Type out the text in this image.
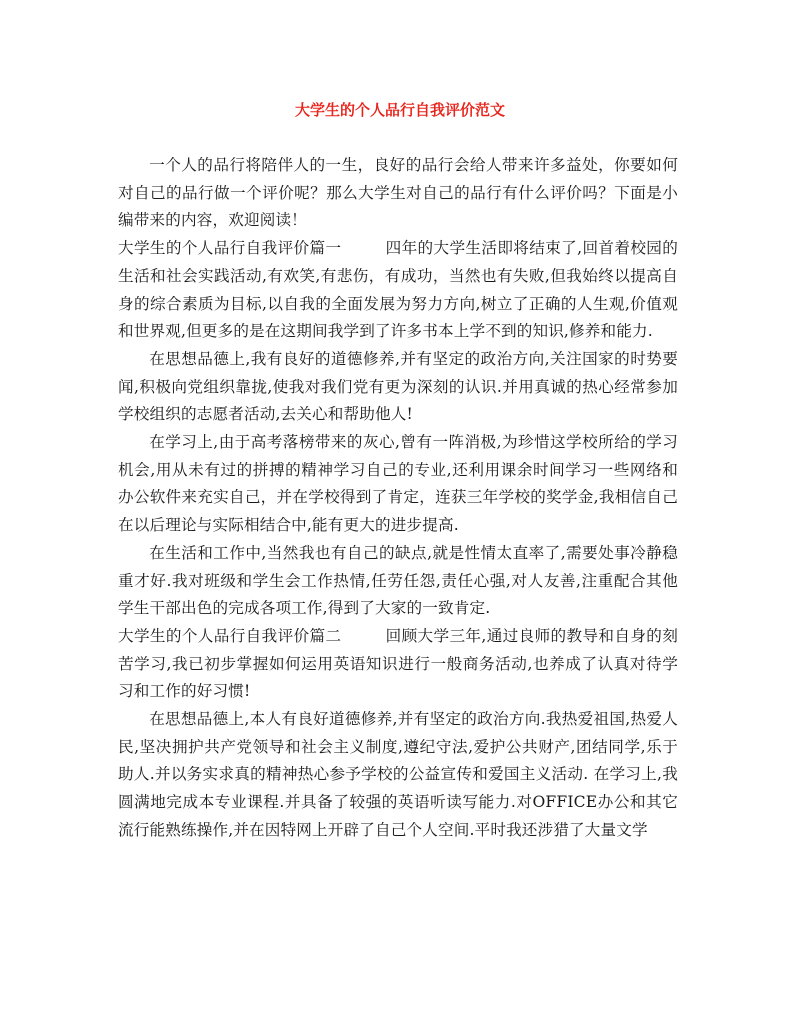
大学生的个人品行自我评价范文

一个人的品行将陪伴人的一生，良好的品行会给人带来许多益处，你要如何对自己的品行做一个评价呢？那么大学生对自己的品行有什么评价吗？下面是小编带来的内容，欢迎阅读！

大学生的个人品行自我评价篇一	四年的大学生活即将结束了,回首着校园的生活和社会实践活动,有欢笑,有悲伤，有成功，当然也有失败,但我始终以提高自身的综合素质为目标,以自我的全面发展为努力方向,树立了正确的人生观,价值观和世界观,但更多的是在这期间我学到了许多书本上学不到的知识,修养和能力.

在思想品德上,我有良好的道德修养,并有坚定的政治方向,关注国家的时势要闻,积极向党组织靠拢,使我对我们党有更为深刻的认识.并用真诚的热心经常参加学校组织的志愿者活动,去关心和帮助他人!

在学习上,由于高考落榜带来的灰心,曾有一阵消极,为珍惜这学校所给的学习机会,用从未有过的拼搏的精神学习自己的专业,还利用课余时间学习一些网络和办公软件来充实自己，并在学校得到了肯定，连获三年学校的奖学金,我相信自己在以后理论与实际相结合中,能有更大的进步提高.

在生活和工作中,当然我也有自己的缺点,就是性情太直率了,需要处事冷静稳重才好.我对班级和学生会工作热情,任劳任怨,责任心强,对人友善,注重配合其他学生干部出色的完成各项工作,得到了大家的一致肯定.

大学生的个人品行自我评价篇二	回顾大学三年,通过良师的教导和自身的刻苦学习,我已初步掌握如何运用英语知识进行一般商务活动,也养成了认真对待学习和工作的好习惯!

在思想品德上,本人有良好道德修养,并有坚定的政治方向.我热爱祖国,热爱人民,坚决拥护共产党领导和社会主义制度,遵纪守法,爱护公共财产,团结同学,乐于助人.并以务实求真的精神热心参予学校的公益宣传和爱国主义活动. 在学习上,我圆满地完成本专业课程.并具备了较强的英语听读写能力.对OFFICE办公和其它流行能熟练操作,并在因特网上开辟了自己个人空间.平时我还涉猎了大量文学
